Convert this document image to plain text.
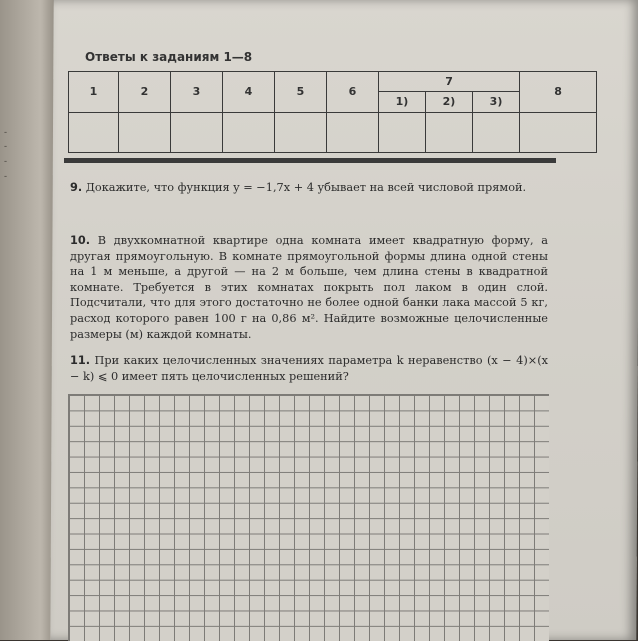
-
-
-
-
Ответы к заданиям 1—8
1	2	3	4	5	6	7			8
						1)	2)	3)	

9. Докажите, что функция y = −1,7x + 4 убывает на всей числовой прямой.
10. В двухкомнатной квартире одна комната имеет квадратную форму, а другая прямоугольную. В комнате прямоугольной формы длина одной стены на 1 м меньше, а другой — на 2 м больше, чем длина стены в квадратной комнате. Требуется в этих комнатах покрыть пол лаком в один слой. Подсчитали, что для этого достаточно не более одной банки лака массой 5 кг, расход которого равен 100 г на 0,86 м². Найдите возможные целочисленные размеры (м) каждой комнаты.
11. При каких целочисленных значениях параметра k неравенство (x − 4)×(x − k) ⩽ 0 имеет пять целочисленных решений?
